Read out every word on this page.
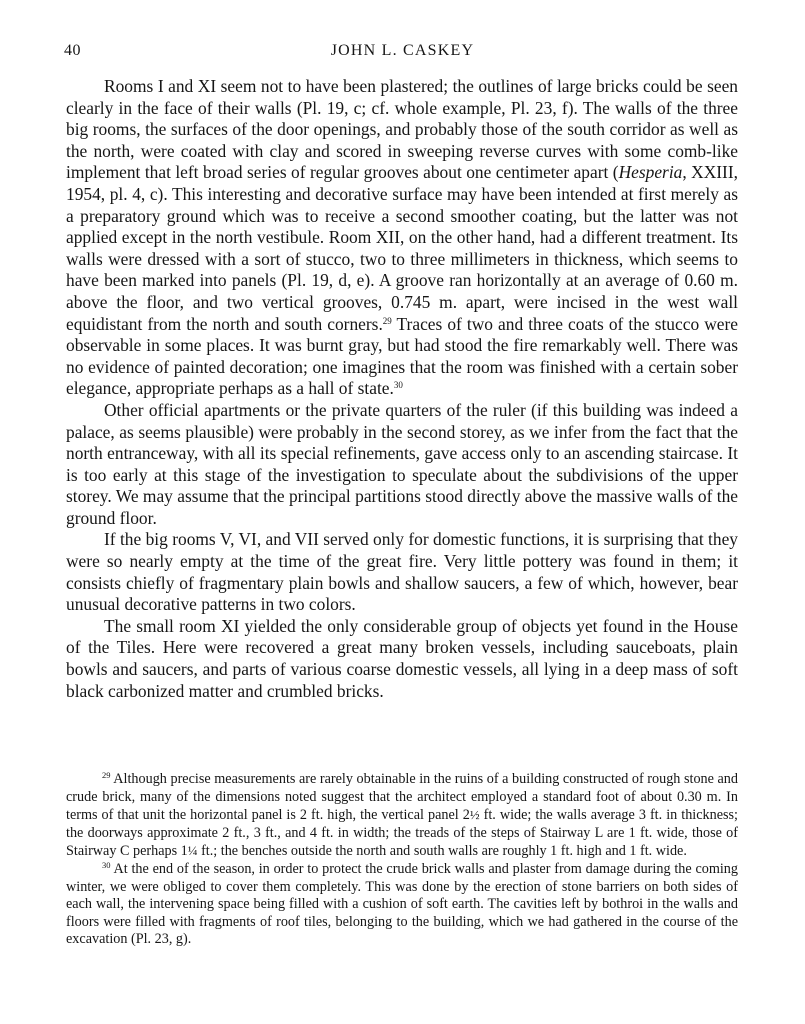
40	JOHN L. CASKEY

Rooms I and XI seem not to have been plastered; the outlines of large bricks could be seen clearly in the face of their walls (Pl. 19, c; cf. whole example, Pl. 23, f). The walls of the three big rooms, the surfaces of the door openings, and probably those of the south corridor as well as the north, were coated with clay and scored in sweeping reverse curves with some comb-like implement that left broad series of regular grooves about one centimeter apart (Hesperia, XXIII, 1954, pl. 4, c). This interesting and decorative surface may have been intended at first merely as a preparatory ground which was to receive a second smoother coating, but the latter was not applied except in the north vestibule. Room XII, on the other hand, had a different treatment. Its walls were dressed with a sort of stucco, two to three millimeters in thickness, which seems to have been marked into panels (Pl. 19, d, e). A groove ran horizontally at an average of 0.60 m. above the floor, and two vertical grooves, 0.745 m. apart, were incised in the west wall equidistant from the north and south corners.$^{29}$ Traces of two and three coats of the stucco were observable in some places. It was burnt gray, but had stood the fire remarkably well. There was no evidence of painted decoration; one imagines that the room was finished with a certain sober elegance, appropriate perhaps as a hall of state.$^{30}$

Other official apartments or the private quarters of the ruler (if this building was indeed a palace, as seems plausible) were probably in the second storey, as we infer from the fact that the north entranceway, with all its special refinements, gave access only to an ascending staircase. It is too early at this stage of the investigation to speculate about the subdivisions of the upper storey. We may assume that the principal partitions stood directly above the massive walls of the ground floor.

If the big rooms V, VI, and VII served only for domestic functions, it is surprising that they were so nearly empty at the time of the great fire. Very little pottery was found in them; it consists chiefly of fragmentary plain bowls and shallow saucers, a few of which, however, bear unusual decorative patterns in two colors.

The small room XI yielded the only considerable group of objects yet found in the House of the Tiles. Here were recovered a great many broken vessels, including sauceboats, plain bowls and saucers, and parts of various coarse domestic vessels, all lying in a deep mass of soft black carbonized matter and crumbled bricks.

$^{29}$ Although precise measurements are rarely obtainable in the ruins of a building constructed of rough stone and crude brick, many of the dimensions noted suggest that the architect employed a standard foot of about 0.30 m. In terms of that unit the horizontal panel is 2 ft. high, the vertical panel 2½ ft. wide; the walls average 3 ft. in thickness; the doorways approximate 2 ft., 3 ft., and 4 ft. in width; the treads of the steps of Stairway L are 1 ft. wide, those of Stairway C perhaps 1¼ ft.; the benches outside the north and south walls are roughly 1 ft. high and 1 ft. wide.

$^{30}$ At the end of the season, in order to protect the crude brick walls and plaster from damage during the coming winter, we were obliged to cover them completely. This was done by the erection of stone barriers on both sides of each wall, the intervening space being filled with a cushion of soft earth. The cavities left by bothroi in the walls and floors were filled with fragments of roof tiles, belonging to the building, which we had gathered in the course of the excavation (Pl. 23, g).
